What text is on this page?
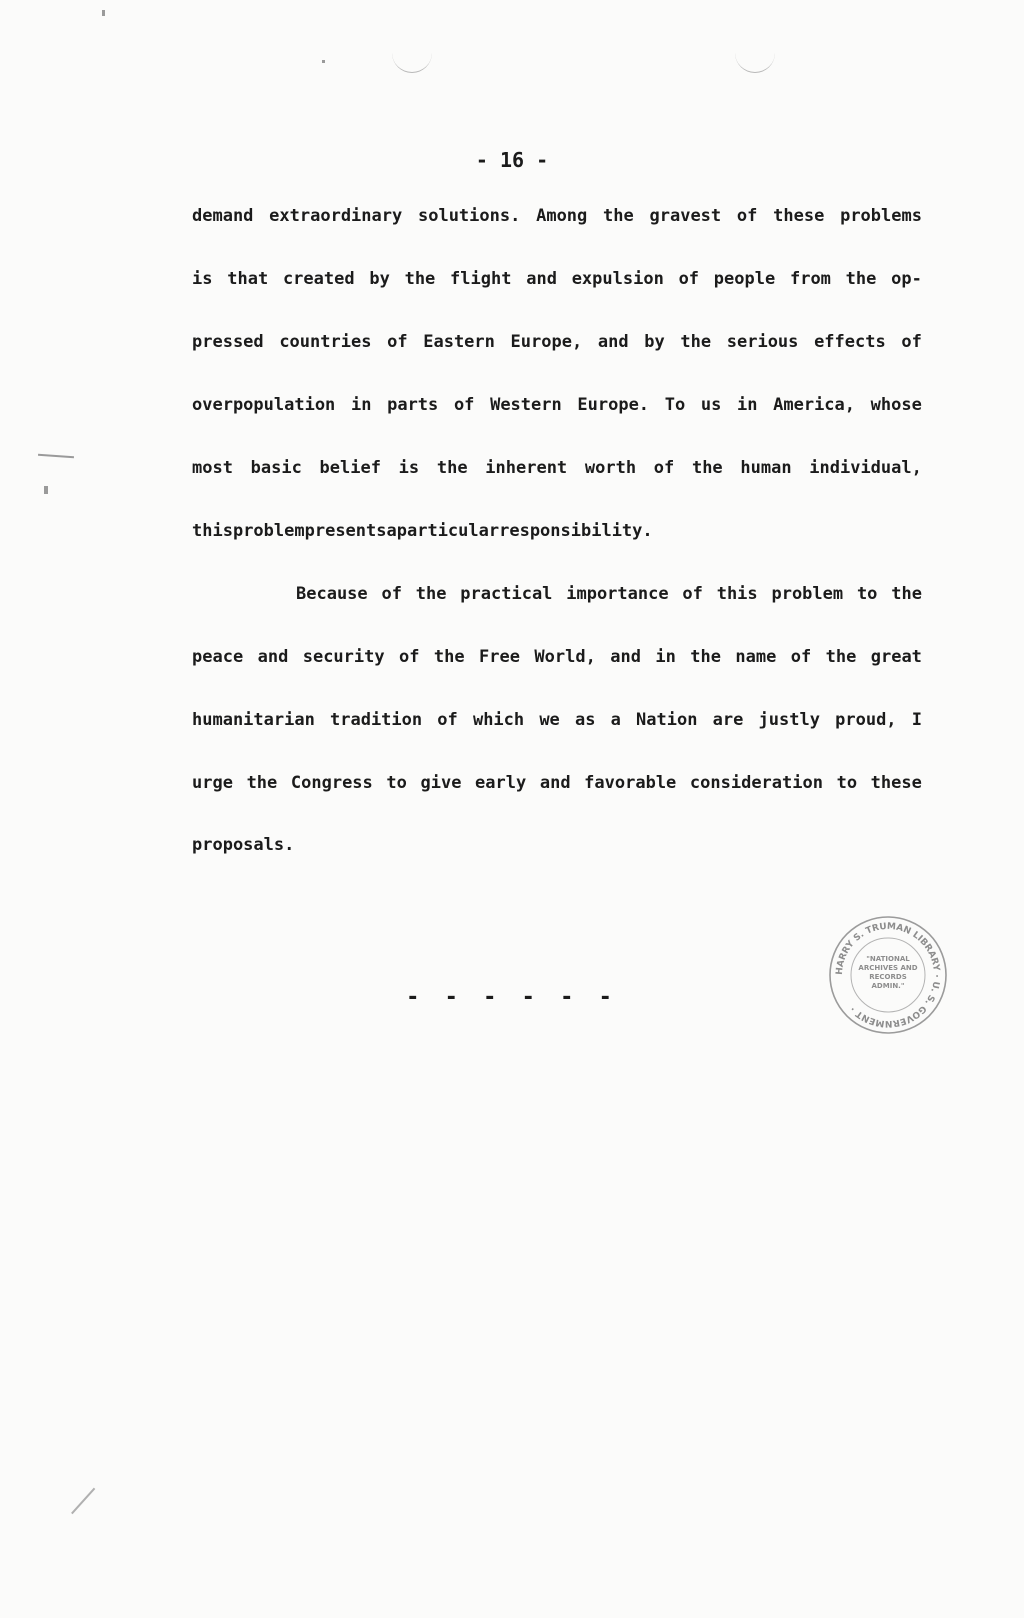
- 16 -
demand extraordinary solutions. Among the gravest of these problems
is that created by the flight and expulsion of people from the op-
pressed countries of Eastern Europe, and by the serious effects of
overpopulation in parts of Western Europe. To us in America, whose
most basic belief is the inherent worth of the human individual,
this problem presents a particular responsibility.
Because of the practical importance of this problem to the
peace and security of the Free World, and in the name of the great
humanitarian tradition of which we as a Nation are justly proud, I
urge the Congress to give early and favorable consideration to these
proposals.
- - - - - -
HARRY S. TRUMAN LIBRARY · U. S. GOVERNMENT ·
"NATIONAL
ARCHIVES AND
RECORDS
ADMIN."
